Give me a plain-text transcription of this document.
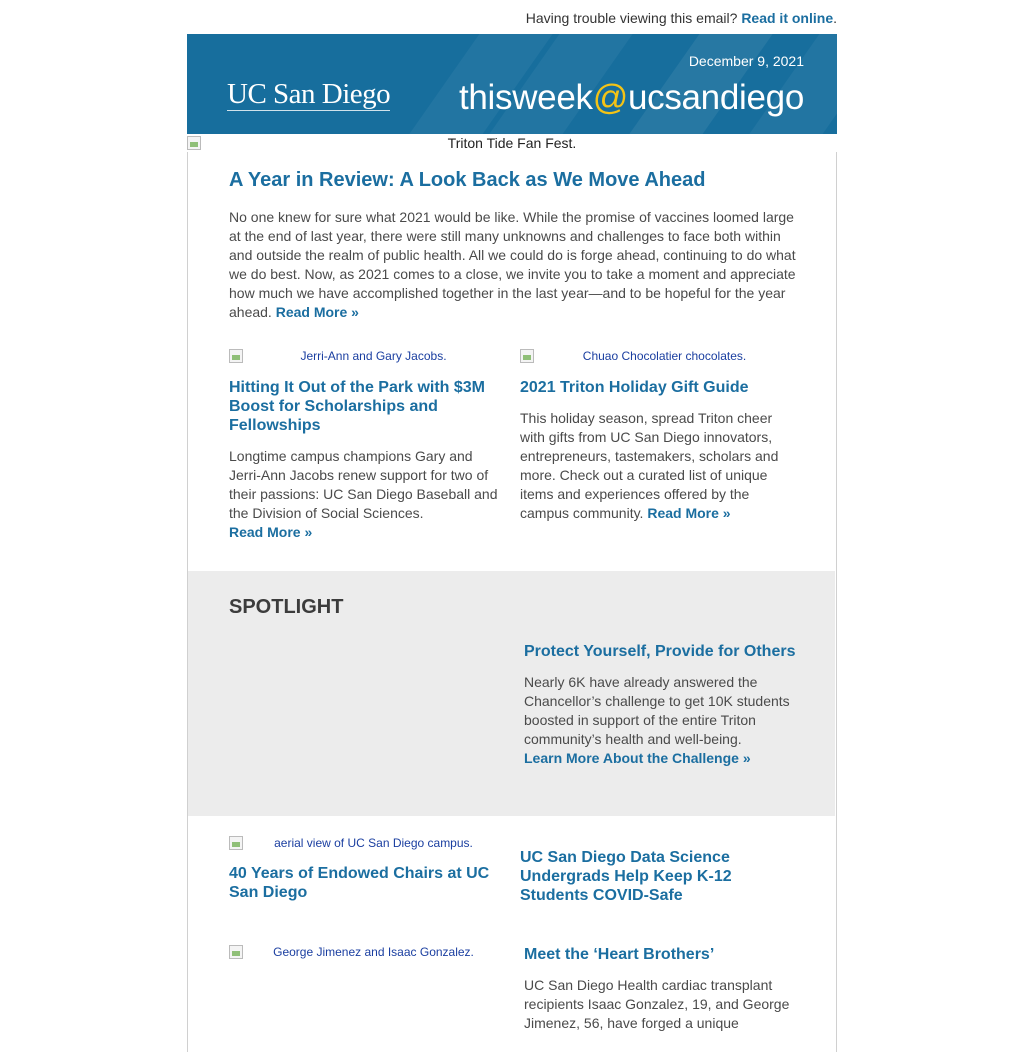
Having trouble viewing this email? Read it online.
UC San Diego
December 9, 2021
thisweek@ucsandiego
Triton Tide Fan Fest.
A Year in Review: A Look Back as We Move Ahead
No one knew for sure what 2021 would be like. While the promise of vaccines loomed large at the end of last year, there were still many unknowns and challenges to face both within and outside the realm of public health. All we could do is forge ahead, continuing to do what we do best. Now, as 2021 comes to a close, we invite you to take a moment and appreciate how much we have accomplished together in the last year—and to be hopeful for the year ahead. Read More »
Jerri-Ann and Gary Jacobs.
Hitting It Out of the Park with $3M Boost for Scholarships and Fellowships
Longtime campus champions Gary and Jerri-Ann Jacobs renew support for two of their passions: UC San Diego Baseball and the Division of Social Sciences.
Read More »
Chuao Chocolatier chocolates.
2021 Triton Holiday Gift Guide
This holiday season, spread Triton cheer with gifts from UC San Diego innovators, entrepreneurs, tastemakers, scholars and more. Check out a curated list of unique items and experiences offered by the campus community. Read More »
SPOTLIGHT
Protect Yourself, Provide for Others
Nearly 6K have already answered the Chancellor’s challenge to get 10K students boosted in support of the entire Triton community’s health and well-being.
Learn More About the Challenge »
aerial view of UC San Diego campus.
40 Years of Endowed Chairs at UC San Diego
UC San Diego Data Science Undergrads Help Keep K-12 Students COVID-Safe
George Jimenez and Isaac Gonzalez.	Meet the ‘Heart Brothers’
UC San Diego Health cardiac transplant recipients Isaac Gonzalez, 19, and George Jimenez, 56, have forged a unique
